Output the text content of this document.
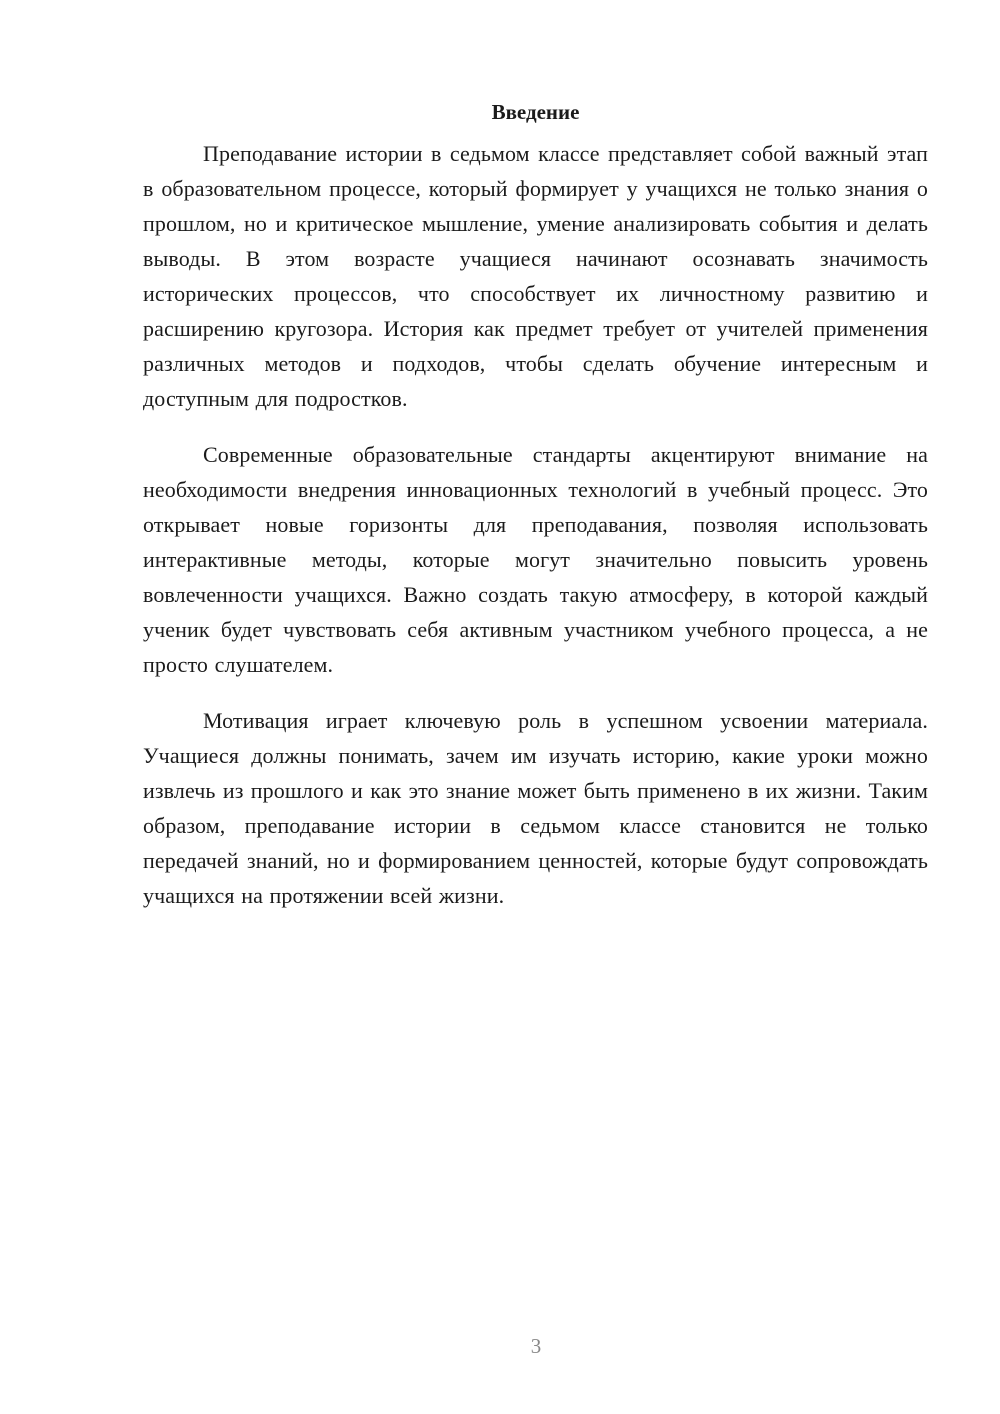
Введение

Преподавание истории в седьмом классе представляет собой важный этап в образовательном процессе, который формирует у учащихся не только знания о прошлом, но и критическое мышление, умение анализировать события и делать выводы. В этом возрасте учащиеся начинают осознавать значимость исторических процессов, что способствует их личностному развитию и расширению кругозора. История как предмет требует от учителей применения различных методов и подходов, чтобы сделать обучение интересным и доступным для подростков.

Современные образовательные стандарты акцентируют внимание на необходимости внедрения инновационных технологий в учебный процесс. Это открывает новые горизонты для преподавания, позволяя использовать интерактивные методы, которые могут значительно повысить уровень вовлеченности учащихся. Важно создать такую атмосферу, в которой каждый ученик будет чувствовать себя активным участником учебного процесса, а не просто слушателем.

Мотивация играет ключевую роль в успешном усвоении материала. Учащиеся должны понимать, зачем им изучать историю, какие уроки можно извлечь из прошлого и как это знание может быть применено в их жизни. Таким образом, преподавание истории в седьмом классе становится не только передачей знаний, но и формированием ценностей, которые будут сопровождать учащихся на протяжении всей жизни.

3
